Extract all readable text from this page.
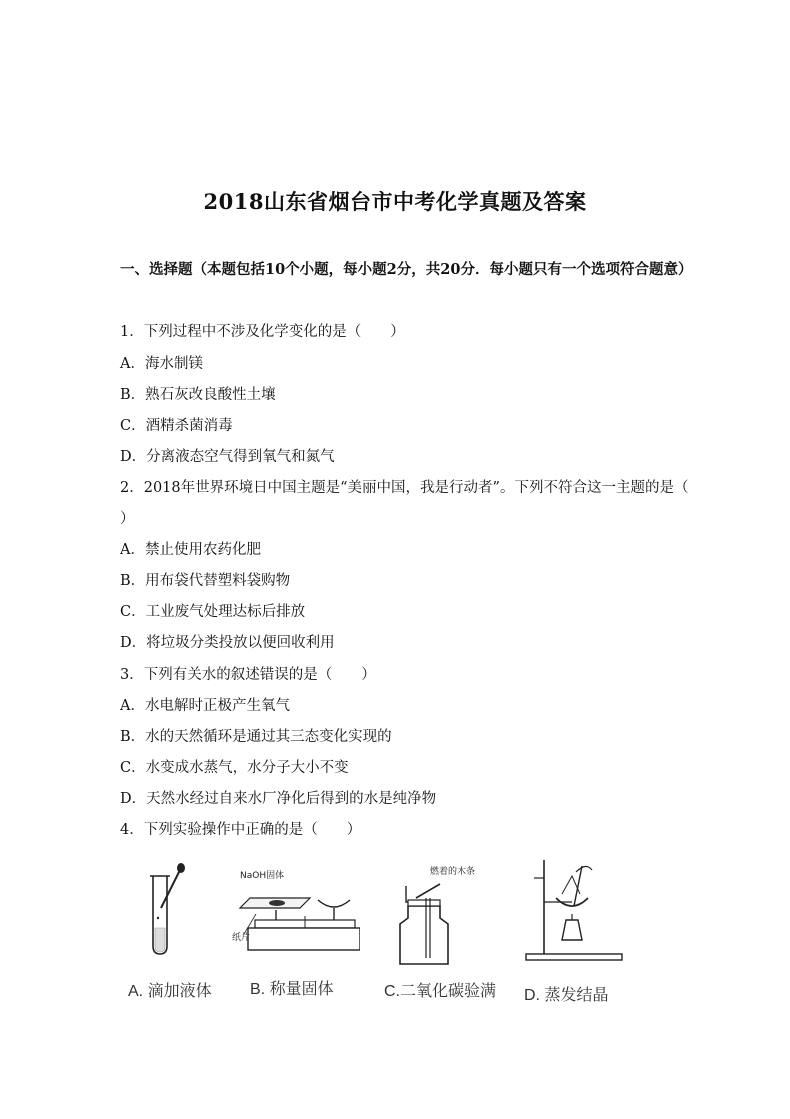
2018山东省烟台市中考化学真题及答案
一、选择题（本题包括10个小题，每小题2分，共20分．每小题只有一个选项符合题意）
1．下列过程中不涉及化学变化的是（　　）
A．海水制镁
B．熟石灰改良酸性土壤
C．酒精杀菌消毒
D．分离液态空气得到氧气和氮气
2．2018年世界环境日中国主题是“美丽中国，我是行动者”。下列不符合这一主题的是（
）
A．禁止使用农药化肥
B．用布袋代替塑料袋购物
C．工业废气处理达标后排放
D．将垃圾分类投放以便回收利用
3．下列有关水的叙述错误的是（　　）
A．水电解时正极产生氧气
B．水的天然循环是通过其三态变化实现的
C．水变成水蒸气，水分子大小不变
D．天然水经过自来水厂净化后得到的水是纯净物
4．下列实验操作中正确的是（　　）
A. 滴加液体
NaOH固体
纸片
B. 称量固体
燃着的木条
C.二氧化碳验满 D. 蒸发结晶
